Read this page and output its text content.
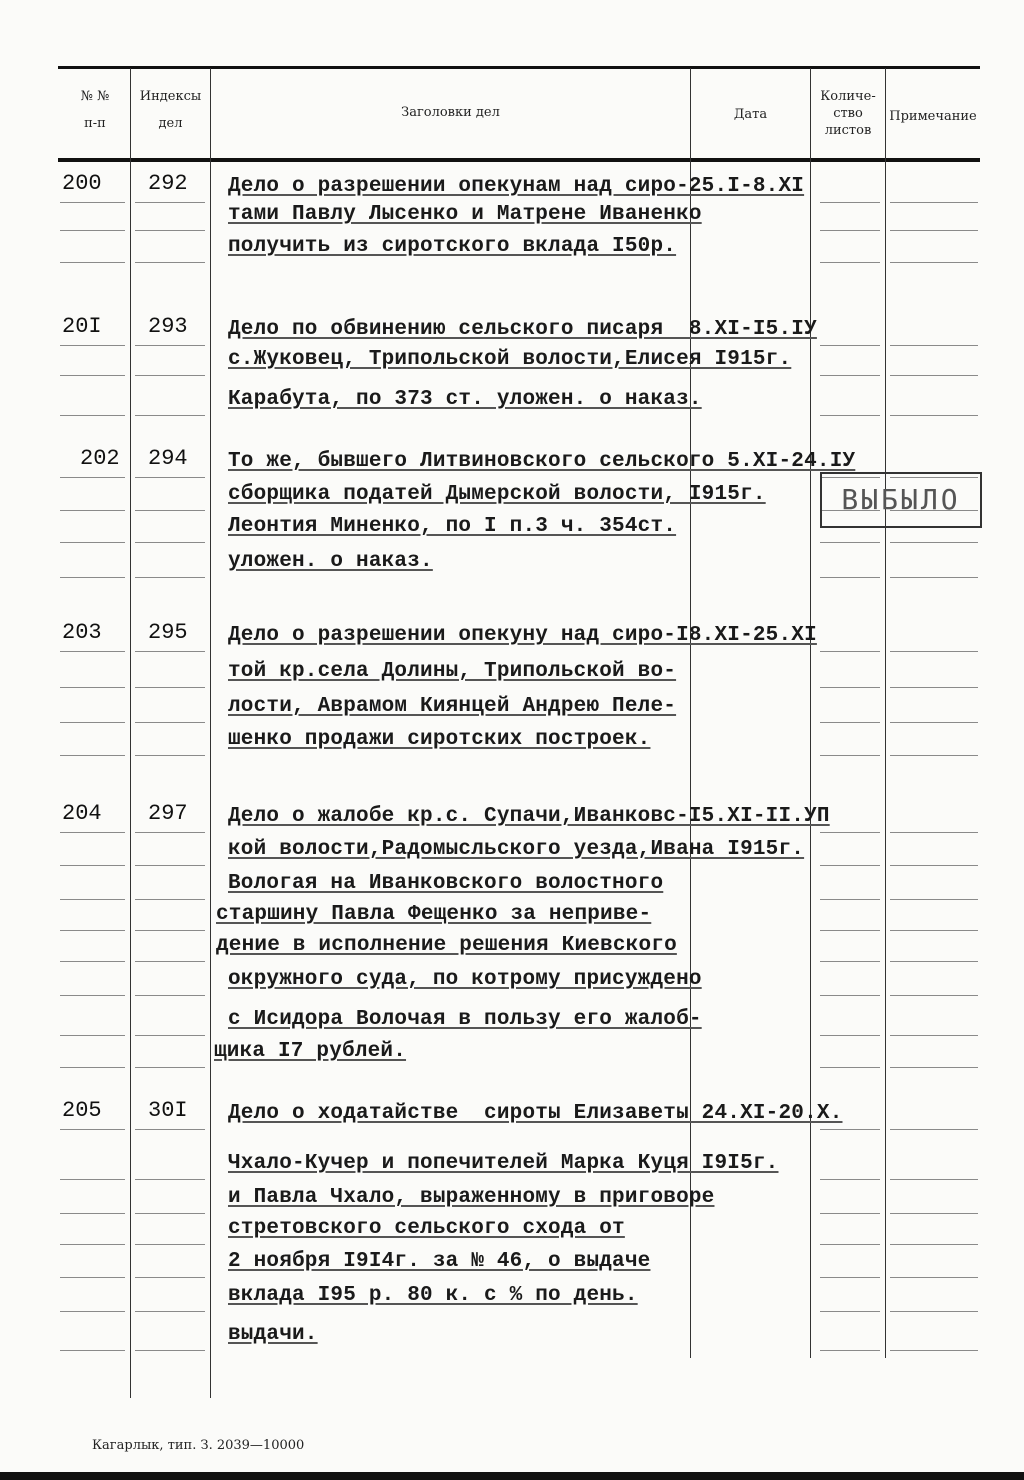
№ №
п-п
Индексы
дел
Заголовки дел	Дата
Количе-
ство
листов
Примечание
200 292 Дело о разрешении опекунам над сиро-25.I-8.XI
тами Павлу Лысенко и Матрене Иваненко
получить из сиротского вклада I50р.
20I 293 Дело по обвинению сельского писаря  8.XI-I5.IУ
с.Жуковец, Трипольской волости,Елисея I915г.
Карабута, по 373 ст. уложен. о наказ.
202 294 То же, бывшего Литвиновского сельского 5.XI-24.IУ
сборщика податей Дымерской волости, I915г.
Леонтия Миненко, по I п.3 ч. 354ст.
уложен. о наказ.
203 295 Дело о разрешении опекуну над сиро-I8.XI-25.XI
той кр.села Долины, Трипольской во-
лости, Аврамом Киянцей Андрею Пеле-
шенко продажи сиротских построек.
204 297 Дело о жалобе кр.с. Супачи,Иванковс-I5.XI-II.УП
кой волости,Радомысльского уезда,Ивана I915г.
Вологая на Иванковского волостного
старшину Павла Фещенко за неприве-
дение в исполнение решения Киевского
окружного суда, по котрому присуждено
с Исидора Волочая в пользу его жалоб-
щика I7 рублей.
205 30I Дело о ходатайстве  сироты Елизаветы 24.XI-20.X.
Чхало-Кучер и попечителей Марка Куця I9I5г.
и Павла Чхало, выраженному в приговоре
стретовского сельского схода от
2 ноября I9I4г. за № 46, о выдаче
вклада I95 р. 80 к. с % по день.
выдачи.
ВЫБЫЛО
Кагарлык, тип. З. 2039—10000
